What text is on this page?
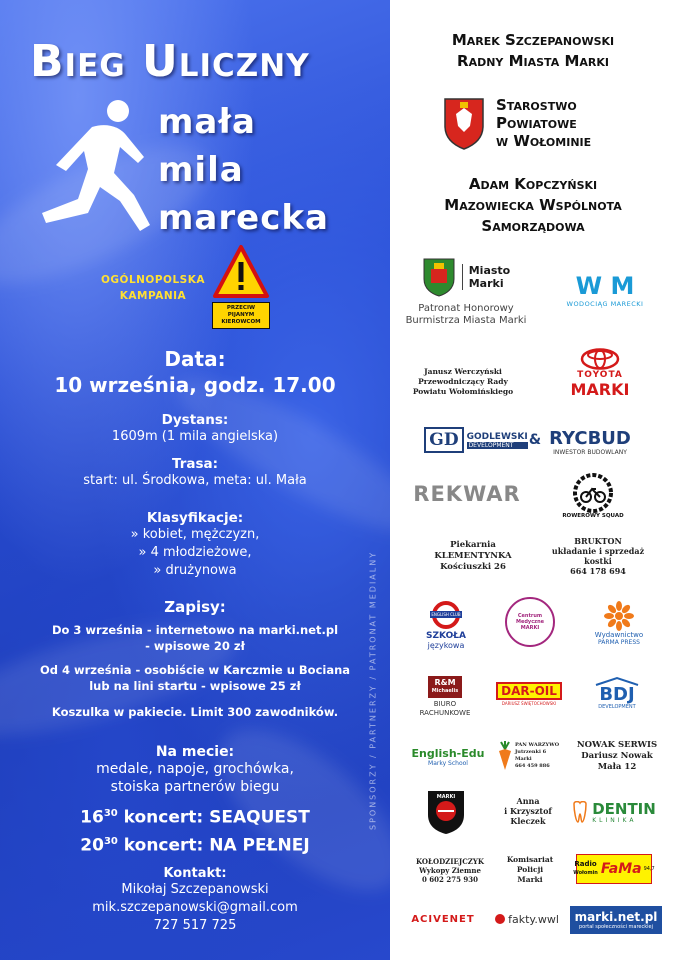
Bieg Uliczny
mała
mila
marecka
OGÓLNOPOLSKA
KAMPANIA
PRZECIW PIJANYM KIEROWCOM
Data:
10 września, godz. 17.00
Dystans:
1609m (1 mila angielska)
Trasa:
start: ul. Środkowa, meta: ul. Mała
Klasyfikacje:
» kobiet, mężczyzn,
» 4 młodzieżowe,
» drużynowa
Zapisy:
Do 3 września - internetowo na marki.net.pl
- wpisowe 20 zł
Od 4 września - osobiście w Karczmie u Bociana
lub na lini startu - wpisowe 25 zł
Koszulka w pakiecie. Limit 300 zawodników.
Na mecie:
medale, napoje, grochówka,
stoiska partnerów biegu
$16^{30}$ koncert: SEAQUEST
$20^{30}$ koncert: NA PEŁNEJ
Kontakt:
Mikołaj Szczepanowski
mik.szczepanowski@gmail.com
727 517 725
SPONSORZY / PARTNERZY / PATRONAT MEDIALNY
Marek Szczepanowski
Radny Miasta Marki
Starostwo
Powiatowe
w Wołominie
Adam Kopczyński
Mazowiecka Wspólnota
Samorządowa
Miasto
Marki
Patronat Honorowy
Burmistrza Miasta Marki
W M
WODOCIĄG MARECKI
Janusz Werczyński Przewodniczący Rady Powiatu Wołomińskiego
TOYOTA
MARKI
GD GODLEWSKI
DEVELOPMENT	& RYCBUD
INWESTOR BUDOWLANY
REKWAR
ROWEROWY SQUAD
Piekarnia
KLEMENTYNKA
Kościuszki 26
BRUKTON
układanie i sprzedaż kostki
664 178 694
ENGLISH CLUB
SZKOŁA
językowa
Centrum Medyczne MARKI
Wydawnictwo
PARMA PRESS
R&M
Michaelis
BIURO
RACHUNKOWE
DAR-OIL
DARIUSZ ŚWIĘTOCHOWSKI BDJ
DEVELOPMENT
English-Edu
Marky School
PAN WARZYWO
Jutrzenki 6
Marki
664 459 886
NOWAK SERWIS
Dariusz Nowak
Mała 12
MARKI	Anna
i Krzysztof
Kleczek
DENTIN
KLINIKA
KOŁODZIEJCZYK
Wykopy Ziemne
0 602 275 930
Komisariat
Policji
Marki
Radio
Wołomin FaMa 94,7
ACIVENET	fakty.wwl marki.net.pl
portal społeczności mareckiej
